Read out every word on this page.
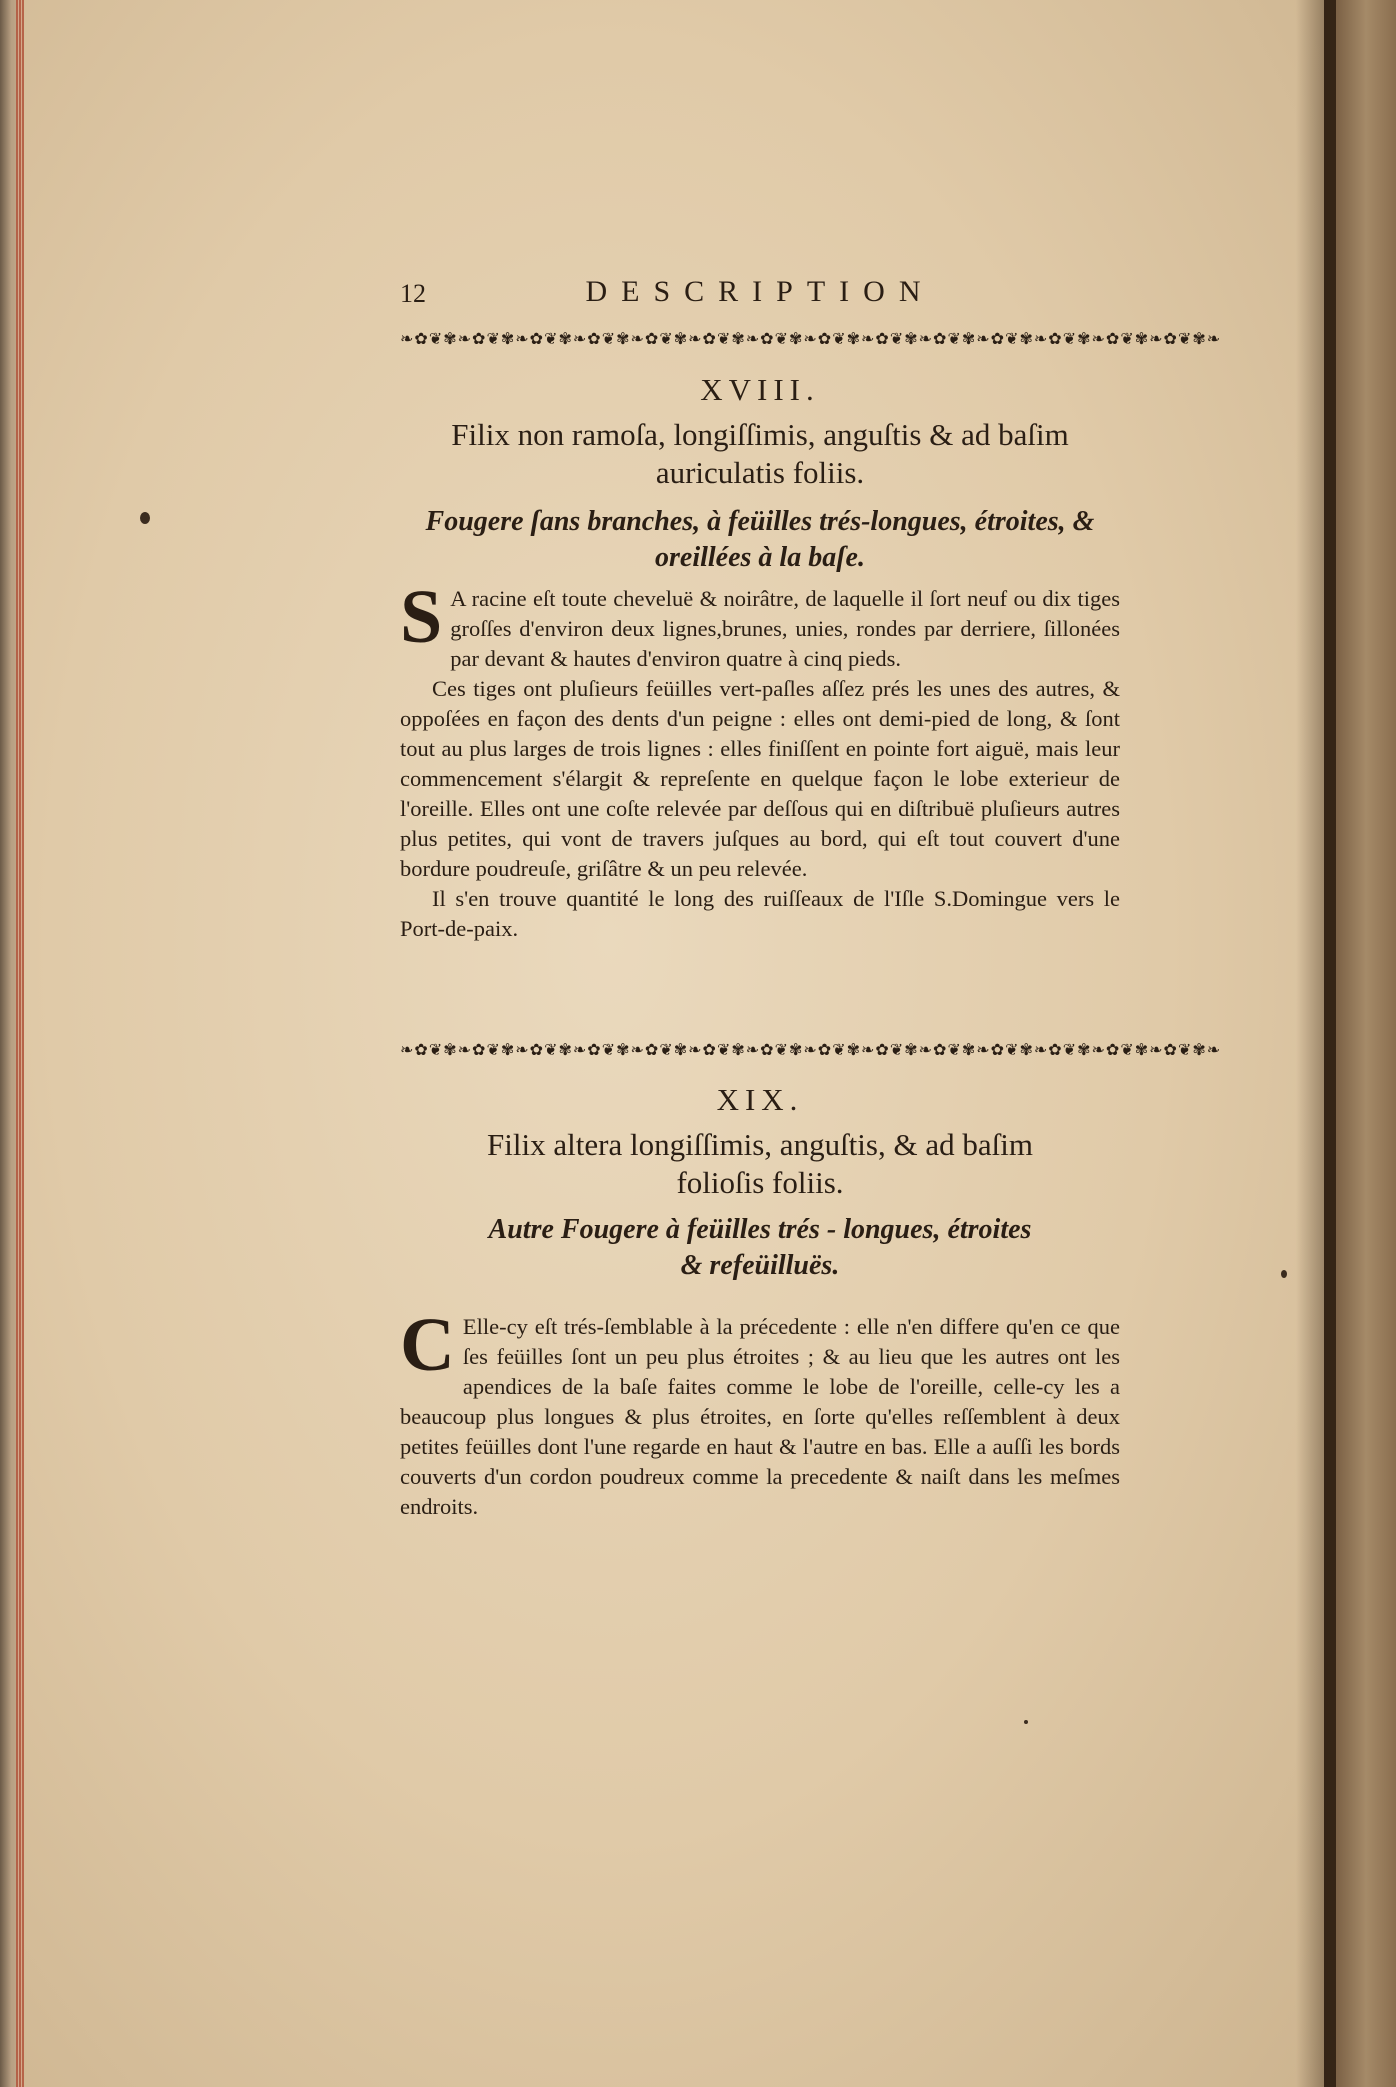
12	DESCRIPTION
❧✿❦✾❧✿❦✾❧✿❦✾❧✿❦✾❧✿❦✾❧✿❦✾❧✿❦✾❧✿❦✾❧✿❦✾❧✿❦✾❧✿❦✾❧✿❦✾❧✿❦✾❧✿❦✾❧
XVIII.
Filix non ramoſa, longiſſimis, anguſtis & ad baſim
auriculatis foliis.
Fougere ſans branches, à feüilles trés-longues, étroites, &
oreillées à la baſe.

S A racine eſt toute cheveluë & noirâtre, de laquelle il ſort neuf ou dix tiges groſſes d'environ deux lignes,brunes, unies, rondes par derriere, ſillonées par devant & hautes d'environ quatre à cinq pieds.

Ces tiges ont pluſieurs feüilles vert-paſles aſſez prés les unes des autres, & oppoſées en façon des dents d'un peigne : elles ont demi-pied de long, & ſont tout au plus larges de trois lignes : elles finiſſent en pointe fort aiguë, mais leur commencement s'élargit & repreſente en quelque façon le lobe exterieur de l'oreille. Elles ont une coſte relevée par deſſous qui en diſtribuë pluſieurs autres plus petites, qui vont de travers juſques au bord, qui eſt tout couvert d'une bordure poudreuſe, griſâtre & un peu relevée.

Il s'en trouve quantité le long des ruiſſeaux de l'Iſle S.Domingue vers le Port-de-paix.

❧✿❦✾❧✿❦✾❧✿❦✾❧✿❦✾❧✿❦✾❧✿❦✾❧✿❦✾❧✿❦✾❧✿❦✾❧✿❦✾❧✿❦✾❧✿❦✾❧✿❦✾❧✿❦✾❧
XIX.
Filix altera longiſſimis, anguſtis, & ad baſim
folioſis foliis.
Autre Fougere à feüilles trés - longues, étroites
& refeüilluës.

C Elle-cy eſt trés-ſemblable à la précedente : elle n'en differe qu'en ce que ſes feüilles ſont un peu plus étroites ; & au lieu que les autres ont les apendices de la baſe faites comme le lobe de l'oreille, celle-cy les a beaucoup plus longues & plus étroites, en ſorte qu'elles reſſemblent à deux petites feüilles dont l'une regarde en haut & l'autre en bas. Elle a auſſi les bords couverts d'un cordon poudreux comme la precedente & naiſt dans les meſmes endroits.
